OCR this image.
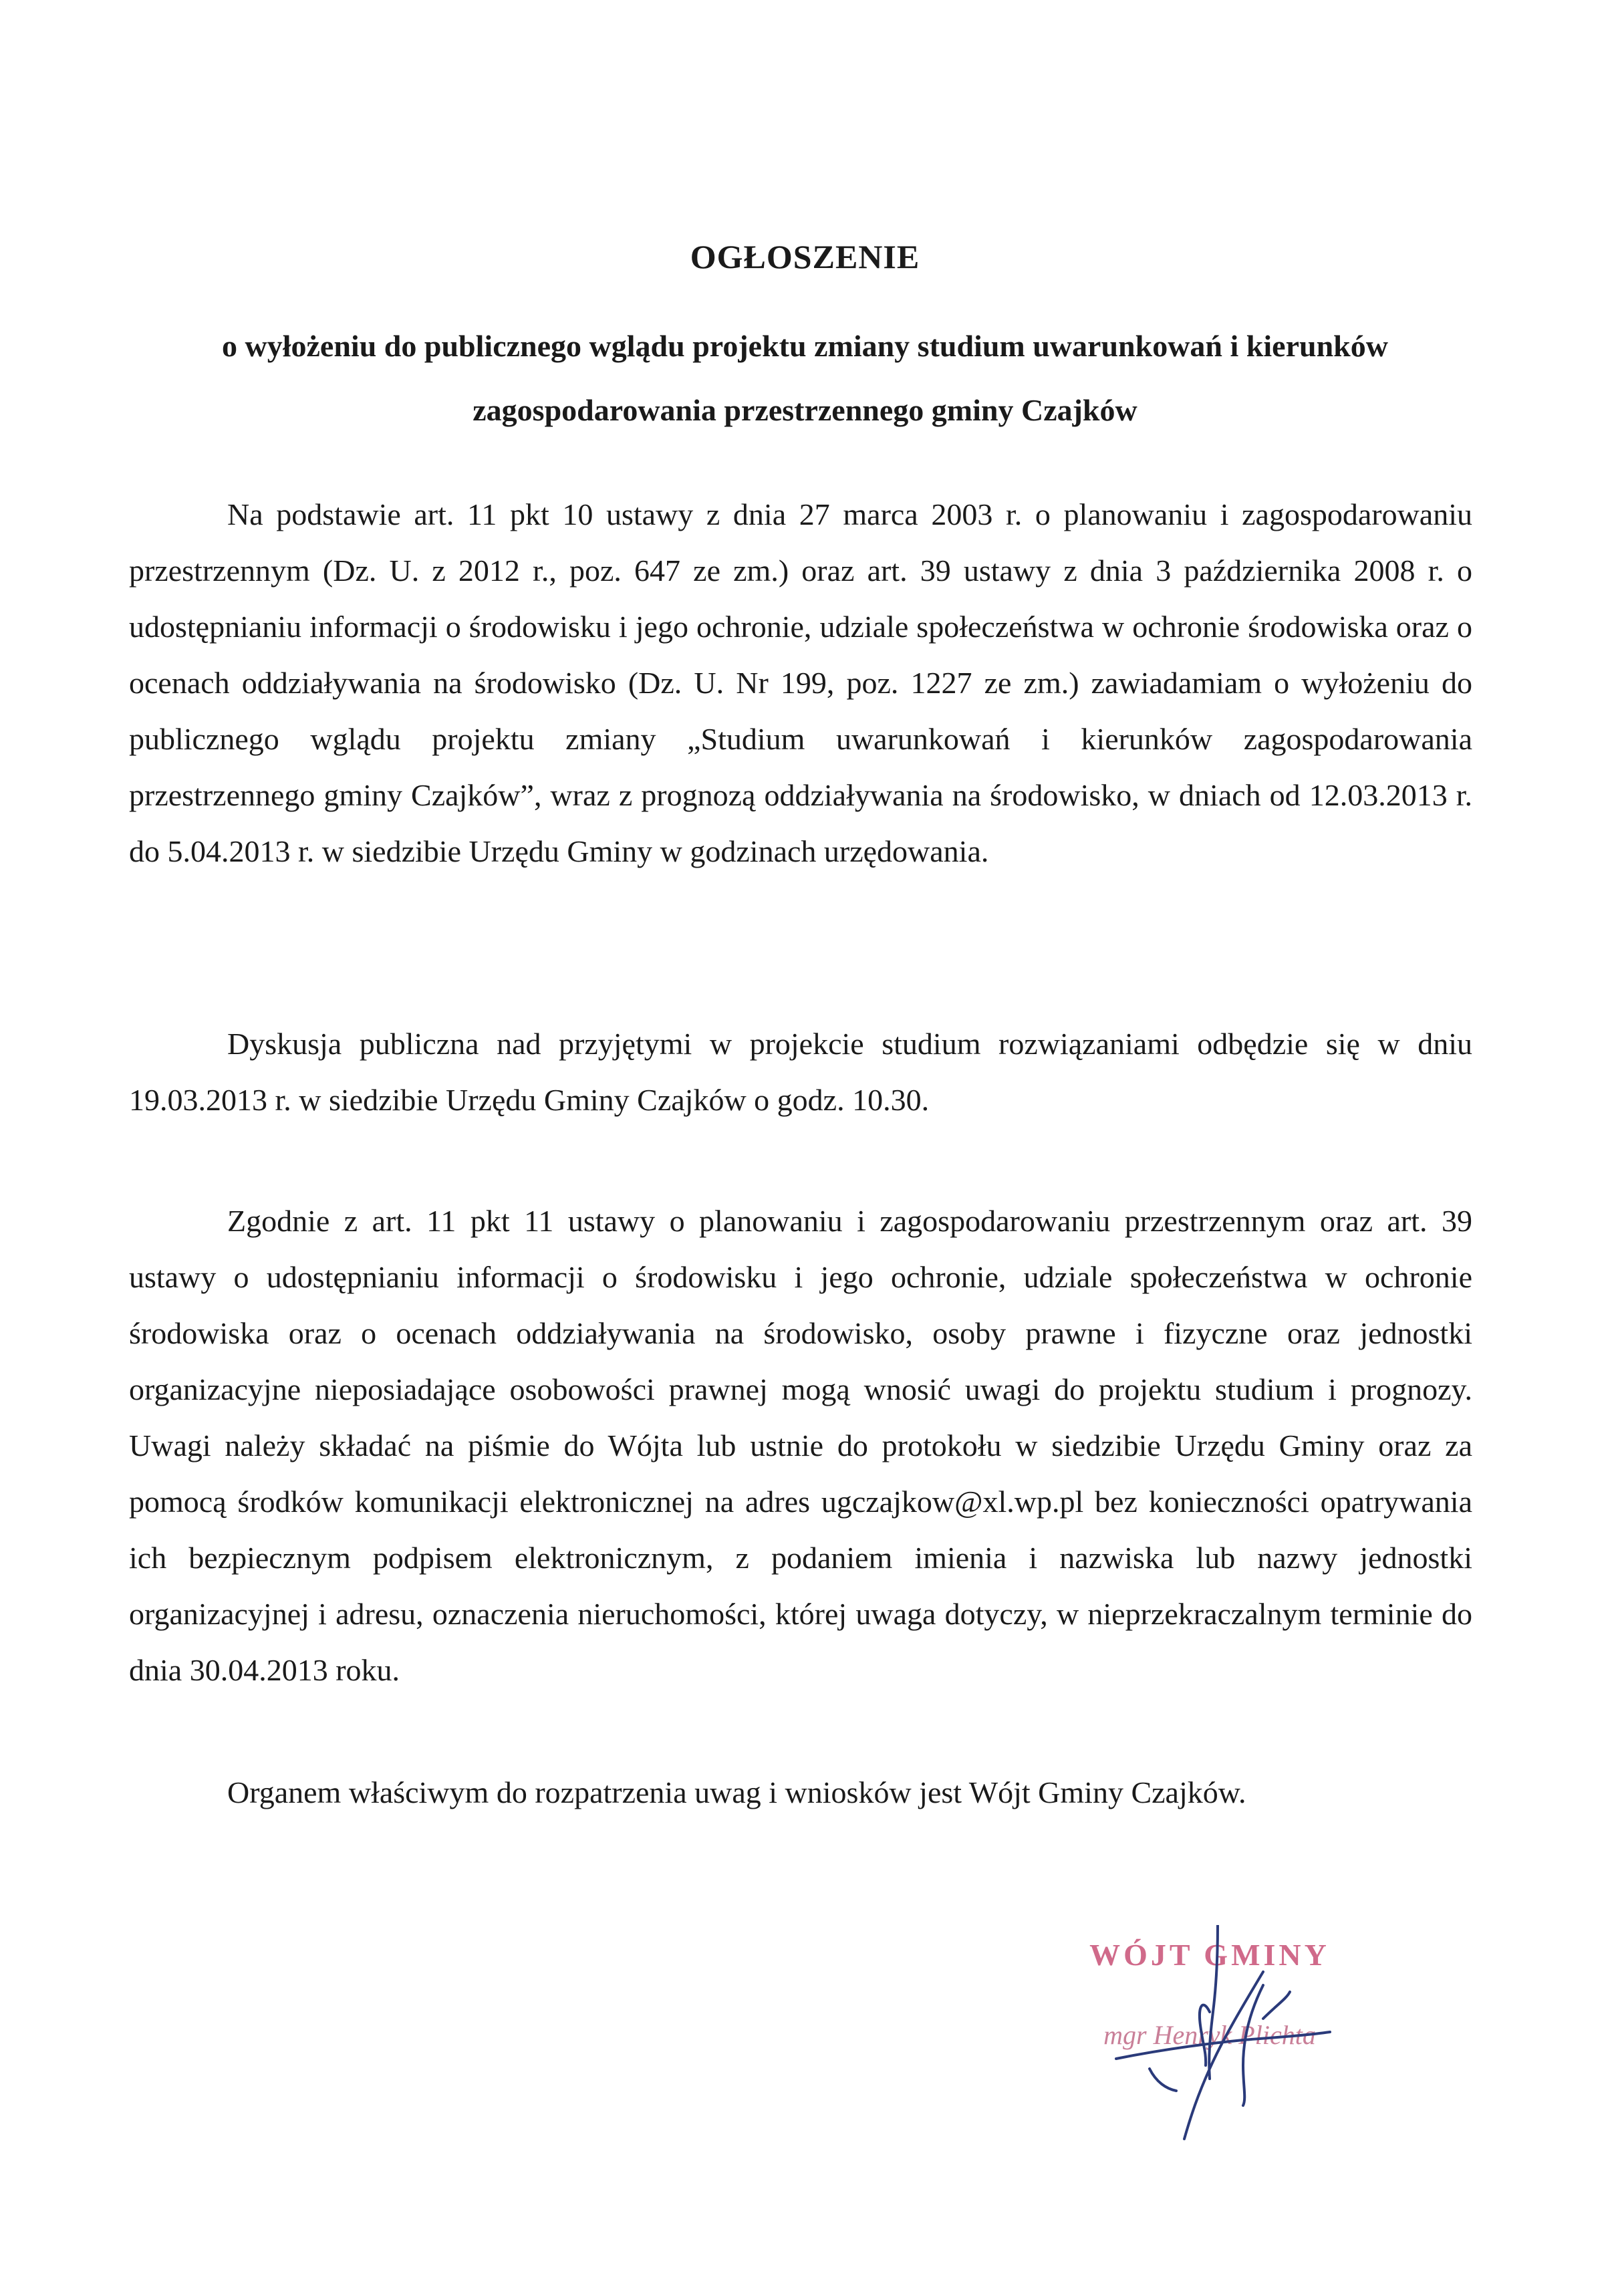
OGŁOSZENIE

o wyłożeniu do publicznego wglądu projektu zmiany studium uwarunkowań i kierunków zagospodarowania przestrzennego gminy Czajków

Na podstawie art. 11 pkt 10 ustawy z dnia 27 marca 2003 r. o planowaniu i zagospodarowaniu przestrzennym (Dz. U. z 2012 r., poz. 647 ze zm.) oraz art. 39 ustawy z dnia 3 października 2008 r. o udostępnianiu informacji o środowisku i jego ochronie, udziale społeczeństwa w ochronie środowiska oraz o ocenach oddziaływania na środowisko (Dz. U. Nr 199, poz. 1227 ze zm.) zawiadamiam o wyłożeniu do publicznego wglądu projektu zmiany „Studium uwarunkowań i kierunków zagospodarowania przestrzennego gminy Czajków”, wraz z prognozą oddziaływania na środowisko, w dniach od 12.03.2013 r. do 5.04.2013 r. w siedzibie Urzędu Gminy w godzinach urzędowania.

Dyskusja publiczna nad przyjętymi w projekcie studium rozwiązaniami odbędzie się w dniu 19.03.2013 r. w siedzibie Urzędu Gminy Czajków o godz. 10.30.

Zgodnie z art. 11 pkt 11 ustawy o planowaniu i zagospodarowaniu przestrzennym oraz art. 39 ustawy o udostępnianiu informacji o środowisku i jego ochronie, udziale społeczeństwa w ochronie środowiska oraz o ocenach oddziaływania na środowisko, osoby prawne i fizyczne oraz jednostki organizacyjne nieposiadające osobowości prawnej mogą wnosić uwagi do projektu studium i prognozy. Uwagi należy składać na piśmie do Wójta lub ustnie do protokołu w siedzibie Urzędu Gminy oraz za pomocą środków komunikacji elektronicznej na adres ugczajkow@xl.wp.pl bez konieczności opatrywania ich bezpiecznym podpisem elektronicznym, z podaniem imienia i nazwiska lub nazwy jednostki organizacyjnej i adresu, oznaczenia nieruchomości, której uwaga dotyczy, w nieprzekraczalnym terminie do dnia 30.04.2013 roku.

Organem właściwym do rozpatrzenia uwag i wniosków jest Wójt Gminy Czajków.

WÓJT GMINY

mgr Henryk Plichta
